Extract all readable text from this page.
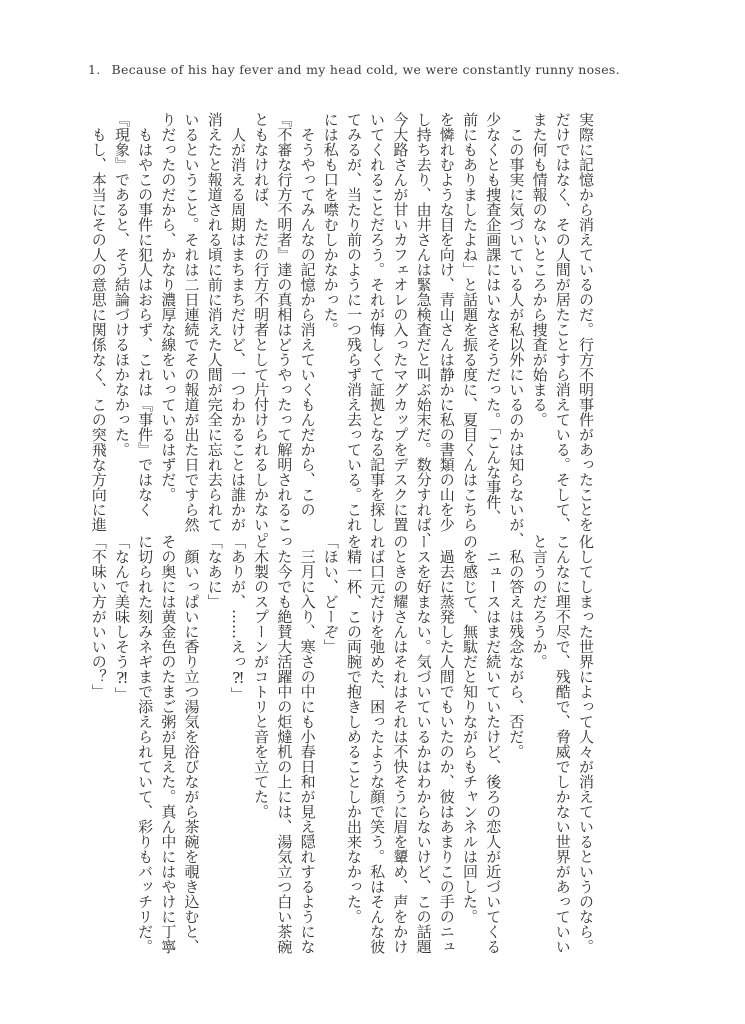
1. Because of his hay fever and my head cold, we were constantly runny noses.
実際に記憶から消えているのだ。行方不明事件があったことを
だけではなく、その人間が居たことすら消えている。そして、
また何も情報のないところから捜査が始まる。
　この事実に気づいている人が私以外にいるのかは知らないが、
少なくとも捜査企画課にはいなさそうだった。「こんな事件、
前にもありましたよね」と話題を振る度に、夏目くんはこちら
を憐れむような目を向け、青山さんは静かに私の書類の山を少
し持ち去り、由井さんは緊急検査だと叫ぶ始末だ。数分すれば、
今大路さんが甘いカフェオレの入ったマグカップをデスクに置
いてくれることだろう。それが悔しくて証拠となる記事を探し
てみるが、当たり前のように一つ残らず消え去っている。これ
には私も口を噤むしかなかった。
　そうやってみんなの記憶から消えていくもんだから、この
『不審な行方不明者』達の真相はどうやったって解明されるこ
ともなければ、ただの行方不明者として片付けられるしかない。
　人が消える周期はまちまちだけど、一つわかることは誰かが
消えたと報道される頃に前に消えた人間が完全に忘れ去られて
いるということ。それは二日連続でその報道が出た日ですら然
りだったのだから、かなり濃厚な線をいっているはずだ。
　もはやこの事件に犯人はおらず、これは『事件』ではなく
『現象』であると、そう結論づけるほかなかった。
　もし、本当にその人の意思に関係なく、この突飛な方向に進
化してしまった世界によって人々が消えているというのなら。
こんなに理不尽で、残酷で、脅威でしかない世界があっていい
と言うのだろうか。
　私の答えは残念ながら、否だ。
　ニュースはまだ続いていたけど、後ろの恋人が近づいてくる
のを感じて、無駄だと知りながらもチャンネルは回した。
　過去に蒸発した人間でもいたのか、彼はあまりこの手のニュ
ースを好まない。気づいているかはわからないけど、この話題
のときの耀さんはそれはそれは不快そうに眉を顰め、声をかけ
れば口元だけを弛めた、困ったような顔で笑う。私はそんな彼
を精一杯、この両腕で抱きしめることしか出来なかった。
「ほい、どーぞ」
　三月に入り、寒さの中にも小春日和が見え隠れするようにな
った今でも絶賛大活躍中の炬燵机の上には、湯気立つ白い茶碗
と木製のスプーンがコトリと音を立てた。
「ありが、……えっ⁈」
「なあに」
　顔いっぱいに香り立つ湯気を浴びながら茶碗を覗き込むと、
その奥には黄金色のたまご粥が見えた。真ん中にはやけに丁寧
に切られた刻みネギまで添えられていて、彩りもバッチリだ。
「なんで美味しそう⁈」
「不味い方がいいの？」
